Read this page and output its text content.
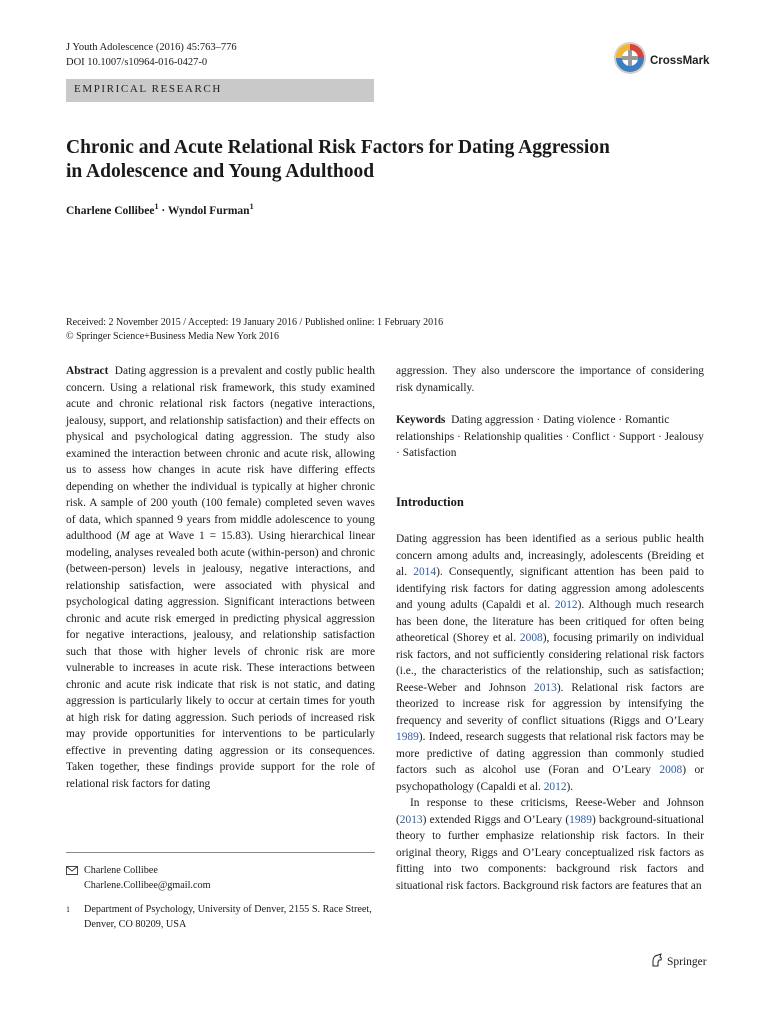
J Youth Adolescence (2016) 45:763–776
DOI 10.1007/s10964-016-0427-0	CrossMark
EMPIRICAL RESEARCH
Chronic and Acute Relational Risk Factors for Dating Aggression
in Adolescence and Young Adulthood
Charlene Collibee$^1$ · Wyndol Furman$^1$
Received: 2 November 2015 / Accepted: 19 January 2016 / Published online: 1 February 2016
© Springer Science+Business Media New York 2016

Abstract Dating aggression is a prevalent and costly public health concern. Using a relational risk framework, this study examined acute and chronic relational risk factors (negative interactions, jealousy, support, and relationship satisfaction) and their effects on physical and psychological dating aggression. The study also examined the interaction between chronic and acute risk, allowing us to assess how changes in acute risk have differing effects depending on whether the individual is typically at higher chronic risk. A sample of 200 youth (100 female) completed seven waves of data, which spanned 9 years from middle adolescence to young adulthood (M age at Wave 1 = 15.83). Using hierarchical linear modeling, analyses revealed both acute (within-person) and chronic (between-person) levels in jealousy, negative interactions, and relationship satisfaction, were associated with physical and psychological dating aggression. Significant interactions between chronic and acute risk emerged in predicting physical aggression for negative interactions, jealousy, and relationship satisfaction such that those with higher levels of chronic risk are more vulnerable to increases in acute risk. These interactions between chronic and acute risk indicate that risk is not static, and dating aggression is particularly likely to occur at certain times for youth at high risk for dating aggression. Such periods of increased risk may provide opportunities for interventions to be particularly effective in preventing dating aggression or its consequences. Taken together, these findings provide support for the role of relational risk factors for dating

aggression. They also underscore the importance of considering risk dynamically.

Keywords Dating aggression · Dating violence · Romantic relationships · Relationship qualities · Conflict · Support · Jealousy · Satisfaction

Introduction

Dating aggression has been identified as a serious public health concern among adults and, increasingly, adolescents (Breiding et al. 2014). Consequently, significant attention has been paid to identifying risk factors for dating aggression among adolescents and young adults (Capaldi et al. 2012). Although much research has been done, the literature has been critiqued for often being atheoretical (Shorey et al. 2008), focusing primarily on individual risk factors, and not sufficiently considering relational risk factors (i.e., the characteristics of the relationship, such as satisfaction; Reese-Weber and Johnson 2013). Relational risk factors are theorized to increase risk for aggression by intensifying the frequency and severity of conflict situations (Riggs and O’Leary 1989). Indeed, research suggests that relational risk factors may be more predictive of dating aggression than commonly studied factors such as alcohol use (Foran and O’Leary 2008) or psychopathology (Capaldi et al. 2012).

In response to these criticisms, Reese-Weber and Johnson (2013) extended Riggs and O’Leary (1989) background-situational theory to further emphasize relationship risk factors. In their original theory, Riggs and O’Leary conceptualized risk factors as fitting into two components: background risk factors and situational risk factors. Background risk factors are features that an

Charlene Collibee
Charlene.Collibee@gmail.com
1	Department of Psychology, University of Denver, 2155 S. Race Street, Denver, CO 80209, USA
Springer
